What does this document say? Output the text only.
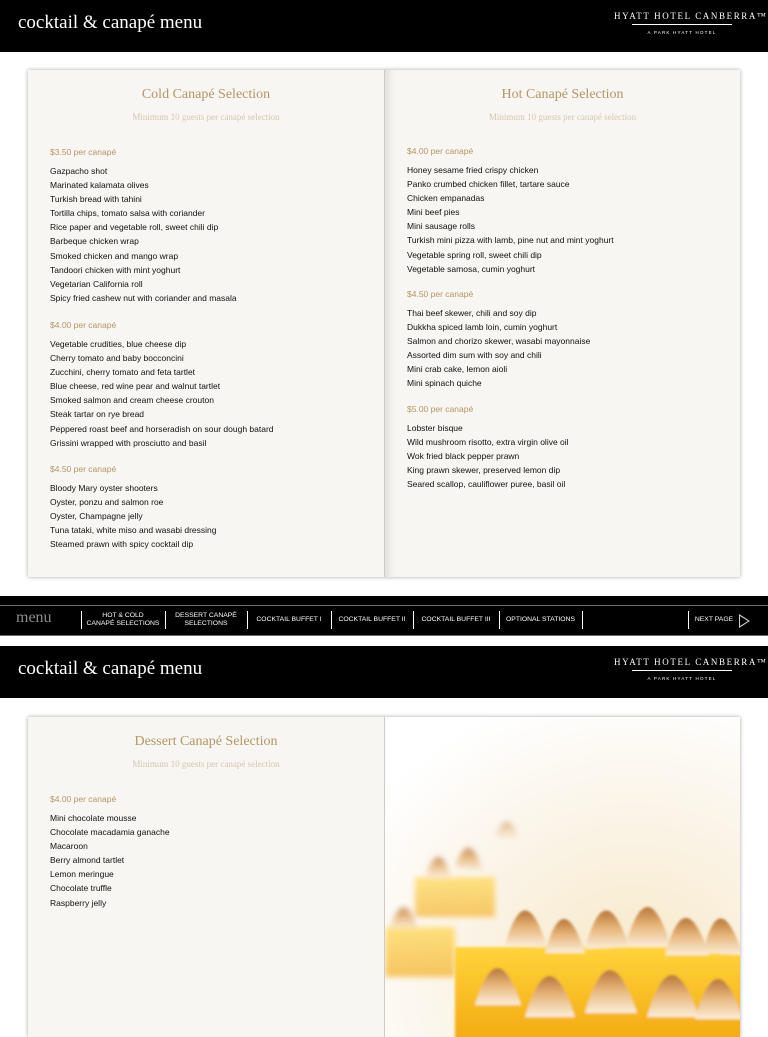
cocktail & canapé menu	HYATT HOTEL CANBERRA™
A PARK HYATT HOTEL
Cold Canapé Selection
Minimum 10 guests per canapé selection
$3.50 per canapé
Gazpacho shot
Marinated kalamata olives
Turkish bread with tahini
Tortilla chips, tomato salsa with coriander
Rice paper and vegetable roll, sweet chili dip
Barbeque chicken wrap
Smoked chicken and mango wrap
Tandoori chicken with mint yoghurt
Vegetarian California roll
Spicy fried cashew nut with coriander and masala
$4.00 per canapé
Vegetable crudities, blue cheese dip
Cherry tomato and baby bocconcini
Zucchini, cherry tomato and feta tartlet
Blue cheese, red wine pear and walnut tartlet
Smoked salmon and cream cheese crouton
Steak tartar on rye bread
Peppered roast beef and horseradish on sour dough batard
Grissini wrapped with prosciutto and basil
$4.50 per canapé
Bloody Mary oyster shooters
Oyster, ponzu and salmon roe
Oyster, Champagne jelly
Tuna tataki, white miso and wasabi dressing
Steamed prawn with spicy cocktail dip
Hot Canapé Selection
Minimum 10 guests per canapé selection
$4.00 per canapé
Honey sesame fried crispy chicken
Panko crumbed chicken fillet, tartare sauce
Chicken empanadas
Mini beef pies
Mini sausage rolls
Turkish mini pizza with lamb, pine nut and mint yoghurt
Vegetable spring roll, sweet chili dip
Vegetable samosa, cumin yoghurt
$4.50 per canapé
Thai beef skewer, chili and soy dip
Dukkha spiced lamb loin, cumin yoghurt
Salmon and chorizo skewer, wasabi mayonnaise
Assorted dim sum with soy and chili
Mini crab cake, lemon aioli
Mini spinach quiche
$5.00 per canapé
Lobster bisque
Wild mushroom risotto, extra virgin olive oil
Wok fried black pepper prawn
King prawn skewer, preserved lemon dip
Seared scallop, cauliflower puree, basil oil
menu	HOT & COLD
CANAPÉ SELECTIONS
DESSERT CANAPÉ
SELECTIONS
COCKTAIL BUFFET I COCKTAIL BUFFET II COCKTAIL BUFFET III OPTIONAL STATIONS	NEXT PAGE
cocktail & canapé menu	HYATT HOTEL CANBERRA™
A PARK HYATT HOTEL
Dessert Canapé Selection
Minimum 10 guests per canapé selection
$4.00 per canapé
Mini chocolate mousse
Chocolate macadamia ganache
Macaroon
Berry almond tartlet
Lemon meringue
Chocolate truffle
Raspberry jelly
